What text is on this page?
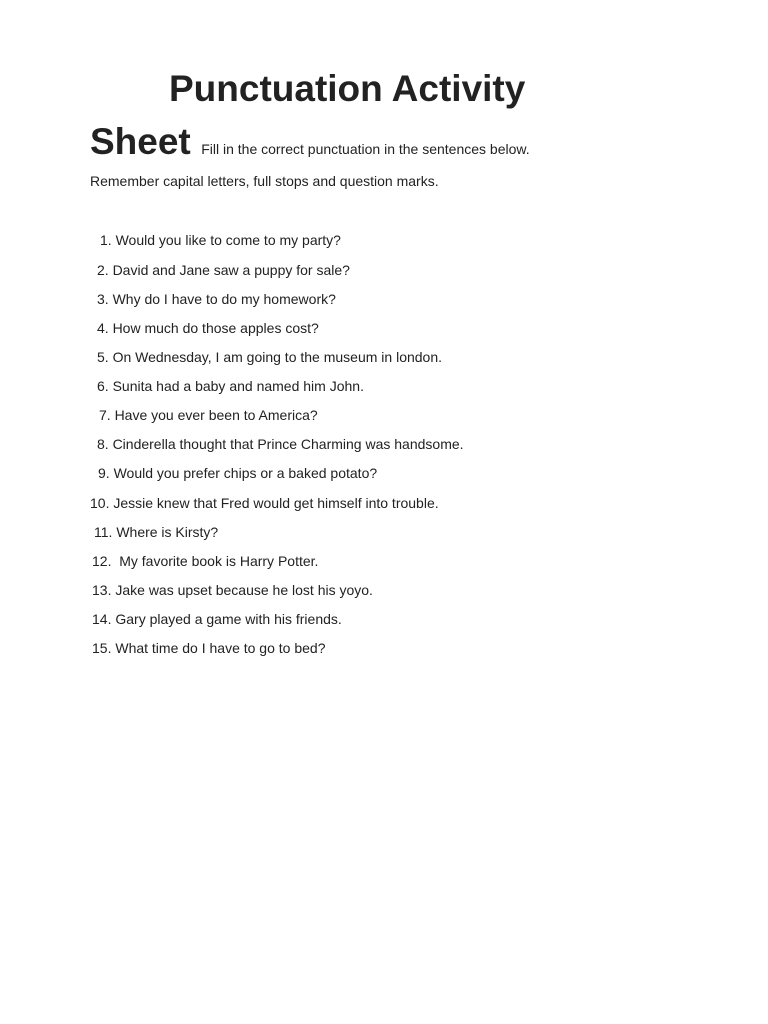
Punctuation Activity
Sheet Fill in the correct punctuation in the sentences below.
Remember capital letters, full stops and question marks.
1. Would you like to come to my party?
2. David and Jane saw a puppy for sale?
3. Why do I have to do my homework?
4. How much do those apples cost?
5. On Wednesday, I am going to the museum in london.
6. Sunita had a baby and named him John.
7. Have you ever been to America?
8. Cinderella thought that Prince Charming was handsome.
9. Would you prefer chips or a baked potato?
10. Jessie knew that Fred would get himself into trouble.
11. Where is Kirsty?
12.  My favorite book is Harry Potter.
13. Jake was upset because he lost his yoyo.
14. Gary played a game with his friends.
15. What time do I have to go to bed?
